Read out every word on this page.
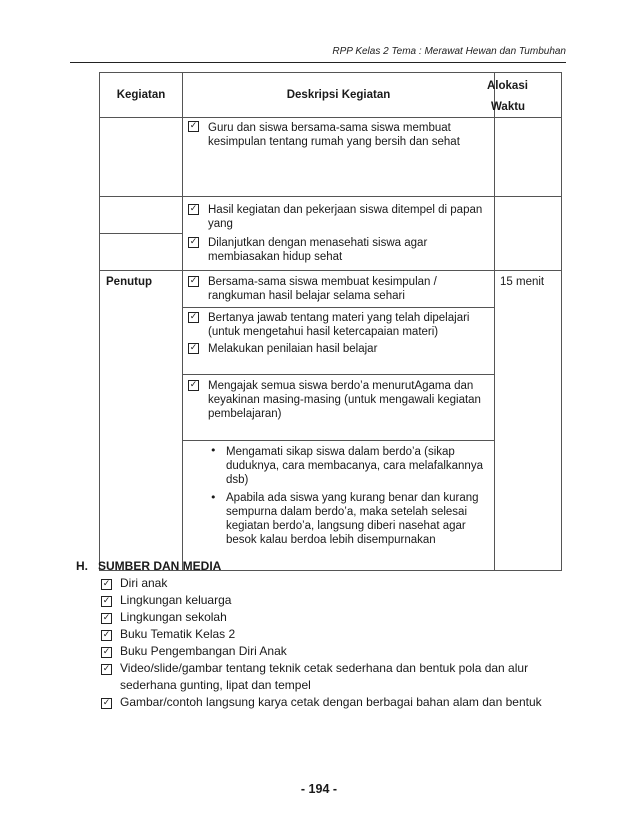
RPP Kelas 2 Tema : Merawat Hewan dan Tumbuhan
Kegiatan	Deskripsi Kegiatan	Alokasi
Waktu

	✓ Guru dan siswa bersama-sama siswa membuat kesimpulan tentang rumah yang bersih dan sehat	

	✓ Hasil kegiatan dan pekerjaan siswa ditempel di papan yang	

	✓ Dilanjutkan dengan menasehati siswa agar membiasakan hidup sehat	

Penutup	✓ Bersama-sama siswa membuat kesimpulan / rangkuman hasil belajar selama sehari	15 menit

	✓ Bertanya jawab tentang materi yang telah dipelajari (untuk mengetahui hasil ketercapaian materi)
✓ Melakukan penilaian hasil belajar	

	✓ Mengajak semua siswa berdo’a menurutAgama dan keyakinan masing-masing (untuk mengawali kegiatan pembelajaran)	

	• Mengamati sikap siswa dalam berdo’a (sikap duduknya, cara membacanya, cara melafalkannya dsb)
• Apabila ada siswa yang kurang benar dan kurang sempurna dalam berdo’a, maka setelah selesai kegiatan berdo’a, langsung diberi nasehat agar besok kalau berdoa lebih disempurnakan	
H. SUMBER DAN MEDIA
✓ Diri anak
✓ Lingkungan keluarga
✓ Lingkungan sekolah
✓ Buku Tematik Kelas 2
✓ Buku Pengembangan Diri Anak
✓ Video/slide/gambar tentang teknik cetak sederhana dan bentuk pola dan alur sederhana gunting, lipat dan tempel
✓ Gambar/contoh langsung karya cetak dengan berbagai bahan alam dan bentuk
- 194 -
